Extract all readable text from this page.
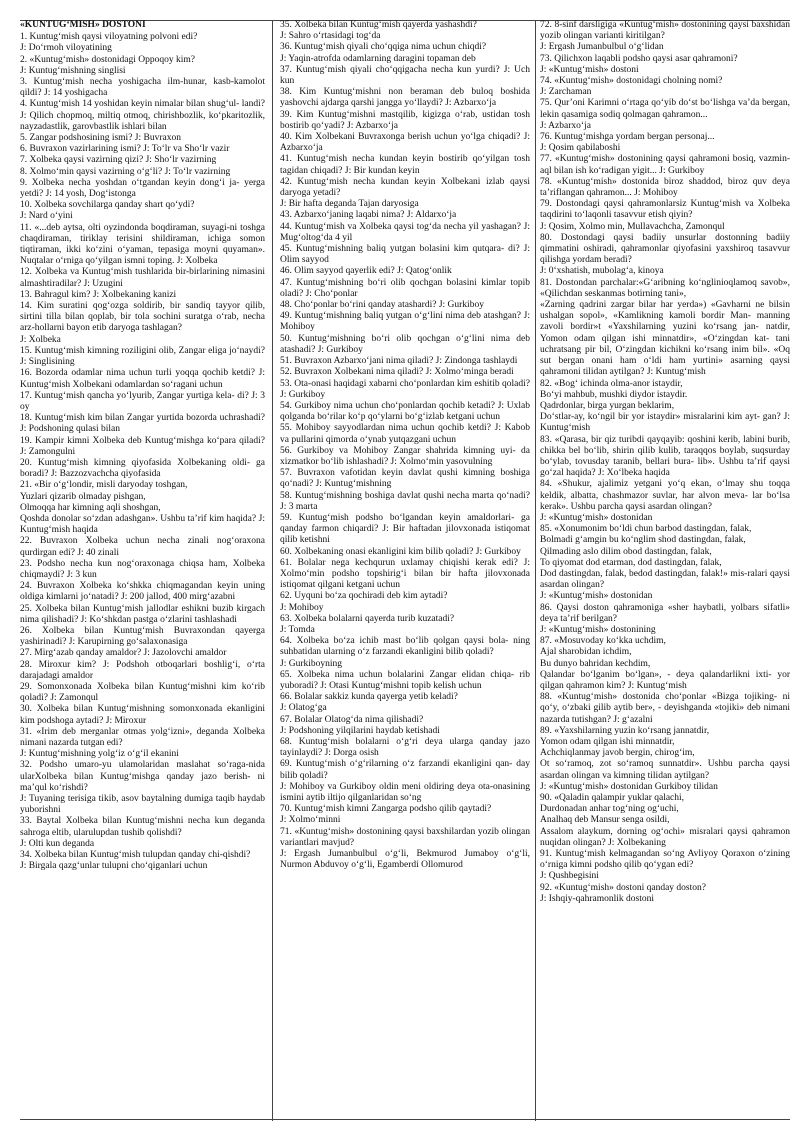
«KUNTUG‘MISH» DOSTONI
1. Kuntug‘mish qaysi viloyatning polvoni edi?
J: Do‘rmoh viloyatining
2. «Kuntug‘mish» dostonidagi Oppoqoy kim?
J: Kuntug‘mishning singlisi
3. Kuntug‘mish necha yoshigacha ilm-hunar, kasb-kamolot qildi? J: 14 yoshigacha
4. Kuntug‘mish 14 yoshidan keyin nimalar bilan shug‘ul- landi? J: Qilich chopmoq, miltiq otmoq, chirishbozlik, ko‘pkaritozlik, nayzadastlik, garovbastlik ishlari bilan
5. Zangar podshosining ismi? J: Buvraxon
6. Buvraxon vazirlarining ismi? J: To‘lr va Sho‘lr vazir
7. Xolbeka qaysi vazirning qizi? J: Sho‘lr vazirning
8. Xolmo‘min qaysi vazirning o‘g‘li? J: To‘lr vazirning
9. Xolbeka necha yoshdan o‘tgandan keyin dong‘i ja- yerga yetdi? J: 14 yosh, Dog‘istonga
10. Xolbeka sovchilarga qanday shart qo‘ydi?
J: Nard o‘yini
11. «...deb aytsa, olti oyzindonda boqdiraman, suyagi-ni toshga chaqdiraman, tiriklay terisini shildiraman, ichiga somon tiqtiraman, ikki ko‘zini o‘yaman, tepasiga moyni quyaman». Nuqtalar o‘rniga qo‘yilgan ismni toping. J: Xolbeka
12. Xolbeka va Kuntug‘mish tushlarida bir-birlarining nimasini almashtiradilar? J: Uzugini
13. Bahragul kim? J: Xolbekaning kanizi
14. Kim suratini qog‘ozga soldirib, bir sandiq tayyor qilib, sirtini tilla bilan qoplab, bir tola sochini suratga o‘rab, necha arz-hollarni bayon etib daryoga tashlagan?
J: Xolbeka
15. Kuntug‘mish kimning roziligini olib, Zangar eliga jo‘naydi? J: Singlisining
16. Bozorda odamlar nima uchun turli yoqqa qochib ketdi? J: Kuntug‘mish Xolbekani odamlardan so‘ragani uchun
17. Kuntug‘mish qancha yo‘lyurib, Zangar yurtiga kela- di? J: 3 oy
18. Kuntug‘mish kim bilan Zangar yurtida bozorda uchrashadi? J: Podshoning qulasi bilan
19. Kampir kimni Xolbeka deb Kuntug‘mishga ko‘para qiladi? J: Zamongulni
20. Kuntug‘mish kimning qiyofasida Xolbekaning oldi- ga boradi? J: Bazzozvachcha qiyofasida
21. «Bir o‘g‘londir, misli daryoday toshgan,
Yuzlari qizarib olmaday pishgan,
Olmoqqa har kimning aqli shoshgan,
Qoshda donolar so‘zdan adashgan». Ushbu ta’rif kim haqida? J: Kuntug‘mish haqida
22. Buvraxon Xolbeka uchun necha zinali nog‘oraxona qurdirgan edi? J: 40 zinali
23. Podsho necha kun nog‘oraxonaga chiqsa ham, Xolbeka chiqmaydi? J: 3 kun
24. Buvraxon Xolbeka ko‘shkka chiqmagandan keyin uning oldiga kimlarni jo‘natadi? J: 200 jallod, 400 mirg‘azabni
25. Xolbeka bilan Kuntug‘mish jallodlar eshikni buzib kirgach nima qilishadi? J: Ko‘shkdan pastga o‘zlarini tashlashadi
26. Xolbeka bilan Kuntug‘mish Buvraxondan qayerga yashirinadi? J: Karupirning go‘salaxonasiga
27. Mirg‘azab qanday amaldor? J: Jazolovchi amaldor
28. Miroxur kim? J: Podshoh otboqarlari boshlig‘i, o‘rta darajadagi amaldor
29. Somonxonada Xolbeka bilan Kuntug‘mishni kim ko‘rib qoladi? J: Zamonqul
30. Xolbeka bilan Kuntug‘mishning somonxonada ekanligini kim podshoga aytadi? J: Miroxur
31. «Irim deb merganlar otmas yolg‘izni», deganda Xolbeka nimani nazarda tutgan edi?
J: Kuntug‘mishning yolg‘iz o‘g‘il ekanini
32. Podsho umaro-yu ulamolaridan maslahat so‘raga-nida ularXolbeka bilan Kuntug‘mishga qanday jazo berish- ni ma’qul ko‘rishdi?
J: Tuyaning terisiga tikib, asov baytalning dumiga taqib haydab yuborishni
33. Baytal Xolbeka bilan Kuntug‘mishni necha kun deganda sahroga eltib, ularulupdan tushib qolishdi?
J: Olti kun deganda
34. Xolbeka bilan Kuntug‘mish tulupdan qanday chi-qishdi?
J: Birgala qazg‘unlar tulupni cho‘qiganlari uchun
35. Xolbeka bilan Kuntug‘mish qayerda yashashdi?
J: Sahro o‘rtasidagi tog‘da
36. Kuntug‘mish qiyali cho‘qqiga nima uchun chiqdi?
J: Yaqin-atrofda odamlarning daragini topaman deb
37. Kuntug‘mish qiyali cho‘qqigacha necha kun yurdi? J: Uch kun
38. Kim Kuntug‘mishni non beraman deb buloq boshida yashovchi ajdarga qarshi jangga yo‘llaydi? J: Azbarxo‘ja
39. Kim Kuntug‘mishni mastqilib, kigizga o‘rab, ustidan tosh bostirib qo‘yadi? J: Azbarxo‘ja
40. Kim Xolbekani Buvraxonga berish uchun yo‘lga chiqadi? J: Azbarxo‘ja
41. Kuntug‘mish necha kundan keyin bostirib qo‘yilgan tosh tagidan chiqadi? J: Bir kundan keyin
42. Kuntug‘mish necha kundan keyin Xolbekani izlab qaysi daryoga yetadi?
J: Bir hafta deganda Tajan daryosiga
43. Azbarxo‘janing laqabi nima? J: Aldarxo‘ja
44. Kuntug‘mish va Xolbeka qaysi tog‘da necha yil yashagan? J: Mug‘oltog‘da 4 yil
45. Kuntug‘mishning baliq yutgan bolasini kim qutqara- di? J: Olim sayyod
46. Olim sayyod qayerlik edi? J: Qatog‘onlik
47. Kuntug‘mishning bo‘ri olib qochgan bolasini kimlar topib oladi? J: Cho‘ponlar
48. Cho‘ponlar bo‘rini qanday atashardi? J: Gurkiboy
49. Kuntug‘mishning baliq yutgan o‘g‘lini nima deb atashgan? J: Mohiboy
50. Kuntug‘mishning bo‘ri olib qochgan o‘g‘lini nima deb atashadi? J: Gurkiboy
51. Buvraxon Azbarxo‘jani nima qiladi? J: Zindonga tashlaydi
52. Buvraxon Xolbekani nima qiladi? J: Xolmo‘minga beradi
53. Ota-onasi haqidagi xabarni cho‘ponlardan kim eshitib qoladi? J: Gurkiboy
54. Gurkiboy nima uchun cho‘ponlardan qochib ketadi? J: Uxlab qolganda bo‘rilar ko‘p qo‘ylarni bo‘g‘izlab ketgani uchun
55. Mohiboy sayyodlardan nima uchun qochib ketdi? J: Kabob va pullarini qimorda o‘ynab yutqazgani uchun
56. Gurkiboy va Mohiboy Zangar shahrida kimning uyi- da xizmatkor bo‘lib ishlashadi? J: Xolmo‘min yasovulning
57. Buvraxon vafotidan keyin davlat qushi kimning boshiga qo‘nadi? J: Kuntug‘mishning
58. Kuntug‘mishning boshiga davlat qushi necha marta qo‘nadi? J: 3 marta
59. Kuntug‘mish podsho bo‘lgandan keyin amaldorlari- ga qanday farmon chiqardi? J: Bir haftadan jilovxonada istiqomat qilib ketishni
60. Xolbekaning onasi ekanligini kim bilib qoladi? J: Gurkiboy
61. Bolalar nega kechqurun uxlamay chiqishi kerak edi? J: Xolmo‘min podsho topshirig‘i bilan bir hafta jilovxonada istiqomat qilgani ketgani uchun
62. Uyquni bo‘za qochiradi deb kim aytadi?
J: Mohiboy
63. Xolbeka bolalarni qayerda turib kuzatadi?
J: Tomda
64. Xolbeka bo‘za ichib mast bo‘lib qolgan qaysi bola- ning suhbatidan ularning o‘z farzandi ekanligini bilib qoladi?
J: Gurkiboyning
65. Xolbeka nima uchun bolalarini Zangar elidan chiqa- rib yuboradi? J: Otasi Kuntug‘mishni topib kelish uchun
66. Bolalar sakkiz kunda qayerga yetib keladi?
J: Olatog‘ga
67. Bolalar Olatog‘da nima qilishadi?
J: Podshoning yilqilarini haydab ketishadi
68. Kuntug‘mish bolalarni o‘g‘ri deya ularga qanday jazo tayinlaydi? J: Dorga osish
69. Kuntug‘mish o‘g‘rilarning o‘z farzandi ekanligini qan- day bilib qoladi?
J: Mohiboy va Gurkiboy oldin meni oldiring deya ota-onasining ismini aytib iltijo qilganlaridan so‘ng
70. Kuntug‘mish kimni Zangarga podsho qilib qaytadi?
J: Xolmo‘minni
71. «Kuntug‘mish» dostonining qaysi baxshilardan yozib olingan variantlari mavjud?
J: Ergash Jumanbulbul o‘g‘li, Bekmurod Jumaboy o‘g‘li, Nurmon Abduvoy o‘g‘li, Egamberdi Ollomurod
72. 8-sinf darsligiga «Kuntug‘mish» dostonining qaysi baxshidan yozib olingan varianti kiritilgan?
J: Ergash Jumanbulbul o‘g‘lidan
73. Qilichxon laqabli podsho qaysi asar qahramoni?
J: «Kuntug‘mish» dostoni
74. «Kuntug‘mish» dostonidagi cholning nomi?
J: Zarchaman
75. Qur’oni Karimni o‘rtaga qo‘yib do‘st bo‘lishga va’da bergan, lekin qasamiga sodiq qolmagan qahramon...
J: Azbarxo‘ja
76. Kuntug‘mishga yordam bergan personaj...
J: Qosim qabilaboshi
77. «Kuntug‘mish» dostonining qaysi qahramoni bosiq, vazmin-aql bilan ish ko‘radigan yigit... J: Gurkiboy
78. «Kuntug‘mish» dostonida biroz shaddod, biroz quv deya ta’riflangan qahramon... J: Mohiboy
79. Dostondagi qaysi qahramonlarsiz Kuntug‘mish va Xolbeka taqdirini to‘laqonli tasavvur etish qiyin?
J: Qosim, Xolmo min, Mullavachcha, Zamonqul
80. Dostondagi qaysi badiiy unsurlar dostonning badiiy qimmatini oshiradi, qahramonlar qiyofasini yaxshiroq tasavvur qilishga yordam beradi?
J: 0‘xshatish, mubolag‘a, kinoya
81. Dostondan parchalar:«G‘aribning ko‘nglinioqlamoq savob», «Qilichdan seskanmas botirning tani»,
«Zarning qadrini zargar bilar har yerda») «Gavharni ne bilsin ushalgan sopol», «Kamlikning kamoli bordir Man- manning zavoli bordir»t «Yaxshilarning yuzini ko‘rsang jan- natdir, Yomon odam qilgan ishi minnatdir», «O‘zingdan kat- tani uchratsang pir bil, O‘zingdan kichikni ko‘rsang inim bil». «Oq sut bergan onani ham o‘ldi ham yurtini» asarning qaysi qahramoni tilidan aytilgan? J: Kuntug‘mish
82. «Bog‘ ichinda olma-anor istaydir,
Bo‘yi mahbub, mushki diydor istaydir.
Qadrdonlar, birga yurgan beklarim,
Do‘stlar-ay, ko‘ngil bir yor istaydir» misralarini kim ayt- gan? J: Kuntug‘mish
83. «Qarasa, bir qiz turibdi qayqayib: qoshini kerib, labini burib, chikka bel bo‘lib, shirin qilib kulib, taraqqos boylab, suqsurday bo‘ylab, tovusday taranib, bellari bura- lib». Ushbu ta’rif qaysi go‘zal haqida? J: Xo‘lbeka haqida
84. «Shukur, ajalimiz yetgani yo‘q ekan, o‘lmay shu toqqa keldik, albatta, chashmazor suvlar, har alvon meva- lar bo‘lsa kerak». Ushbu parcha qaysi asardan olingan?
J: «Kuntug‘mish» dostonidan
85. «Xonumonim bo‘ldi chun barbod dastingdan, falak,
Bolmadi g‘amgin bu ko‘nglim shod dastingdan, falak,
Qilmading aslo dilim obod dastingdan, falak,
To qiyomat dod etarman, dod dastingdan, falak,
Dod dastingdan, falak, bedod dastingdan, falak!» mis-ralari qaysi asardan olingan?
J: «Kuntug‘mish» dostonidan
86. Qaysi doston qahramoniga «sher haybatli, yolbars sifatli» deya ta’rif berilgan?
J: «Kuntug‘mish» dostonining
87. «Mosuvoday ko‘kka uchdim,
Ajal sharobidan ichdim,
Bu dunyo bahridan kechdim,
Qalandar bo‘lganim bo‘lgan», - deya qalandarlikni ixti- yor qilgan qahramon kim? J: Kuntug‘mish
88. «Kuntug‘mish» dostonida cho‘ponlar «Bizga tojiking- ni qo‘y, o‘zbaki gilib aytib ber», - deyishganda «tojiki» deb nimani nazarda tutishgan? J: g‘azalni
89. «Yaxshilarning yuzin ko‘rsang jannatdir,
Yomon odam qilgan ishi minnatdir,
Achchiqlanmay javob bergin, chirog‘im,
Ot so‘ramoq, zot so‘ramoq sunnatdir». Ushbu parcha qaysi asardan olingan va kimning tilidan aytilgan?
J: «Kuntug‘mish» dostonidan Gurkiboy tilidan
90. «Qaladin qalampir yuklar qalachi,
Durdonadan anhar tog‘ning og‘uchi,
Analhaq deb Mansur senga osildi,
Assalom alaykum, dorning og‘ochi» misralari qaysi qahramon nuqidan olingan? J: Xolbekaning
91. Kuntug‘mish kelmagandan so‘ng Avliyoy Qoraxon o‘zining o‘rniga kimni podsho qilib qo‘ygan edi?
J: Qushbegisini
92. «Kuntug‘mish» dostoni qanday doston?
J: Ishqiy-qahramonlik dostoni
